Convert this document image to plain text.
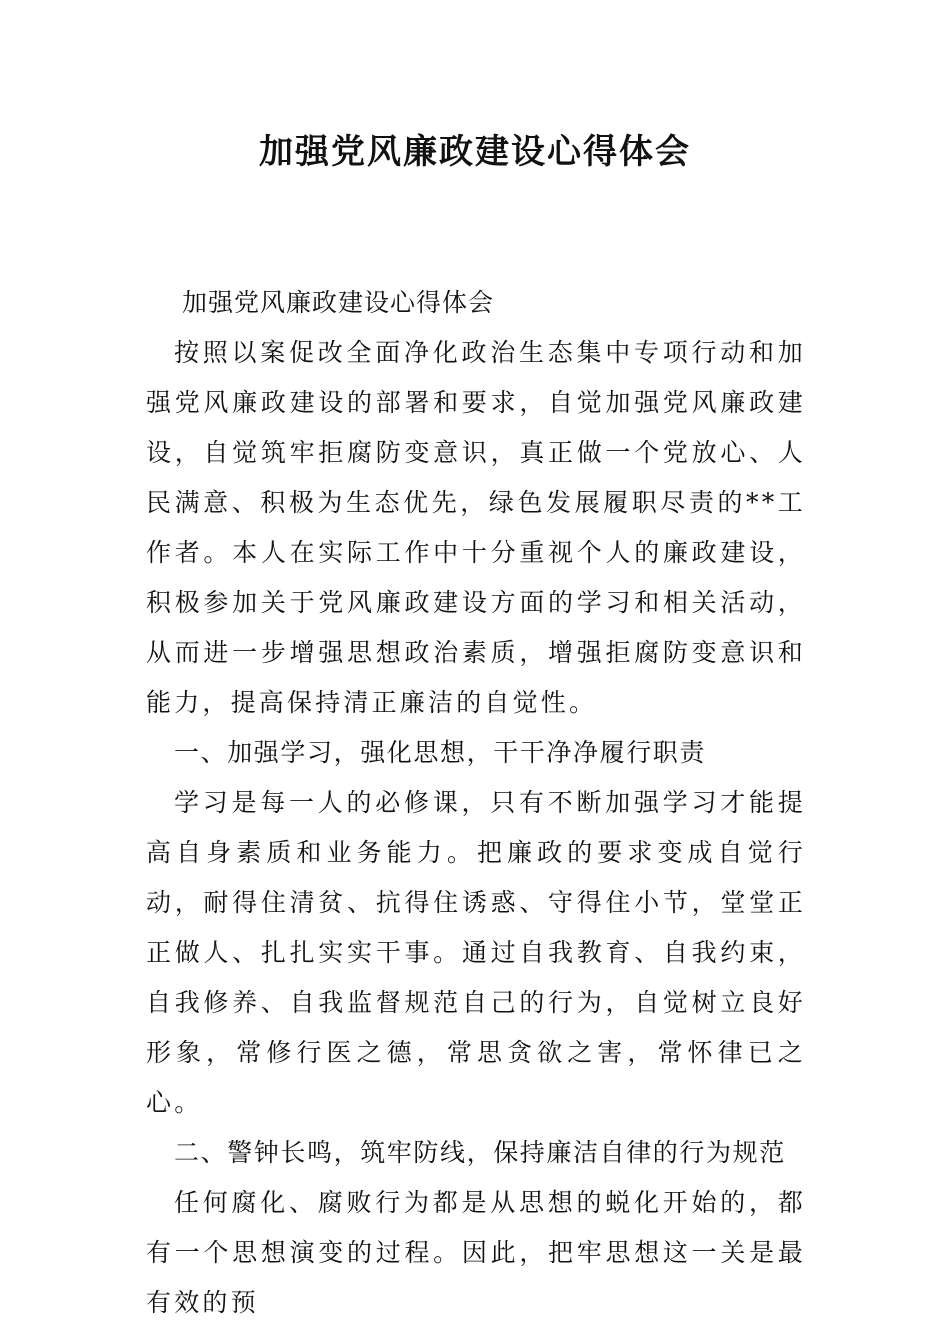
加强党风廉政建设心得体会

加强党风廉政建设心得体会

按照以案促改全面净化政治生态集中专项行动和加强党风廉政建设的部署和要求，自觉加强党风廉政建设，自觉筑牢拒腐防变意识，真正做一个党放心、人民满意、积极为生态优先，绿色发展履职尽责的**工作者。本人在实际工作中十分重视个人的廉政建设，积极参加关于党风廉政建设方面的学习和相关活动，从而进一步增强思想政治素质，增强拒腐防变意识和能力，提高保持清正廉洁的自觉性。

一、加强学习，强化思想，干干净净履行职责

学习是每一人的必修课，只有不断加强学习才能提高自身素质和业务能力。把廉政的要求变成自觉行动，耐得住清贫、抗得住诱惑、守得住小节，堂堂正正做人、扎扎实实干事。通过自我教育、自我约束，自我修养、自我监督规范自己的行为，自觉树立良好形象，常修行医之德，常思贪欲之害，常怀律已之心。

二、警钟长鸣，筑牢防线，保持廉洁自律的行为规范

任何腐化、腐败行为都是从思想的蜕化开始的，都有一个思想演变的过程。因此，把牢思想这一关是最有效的预
